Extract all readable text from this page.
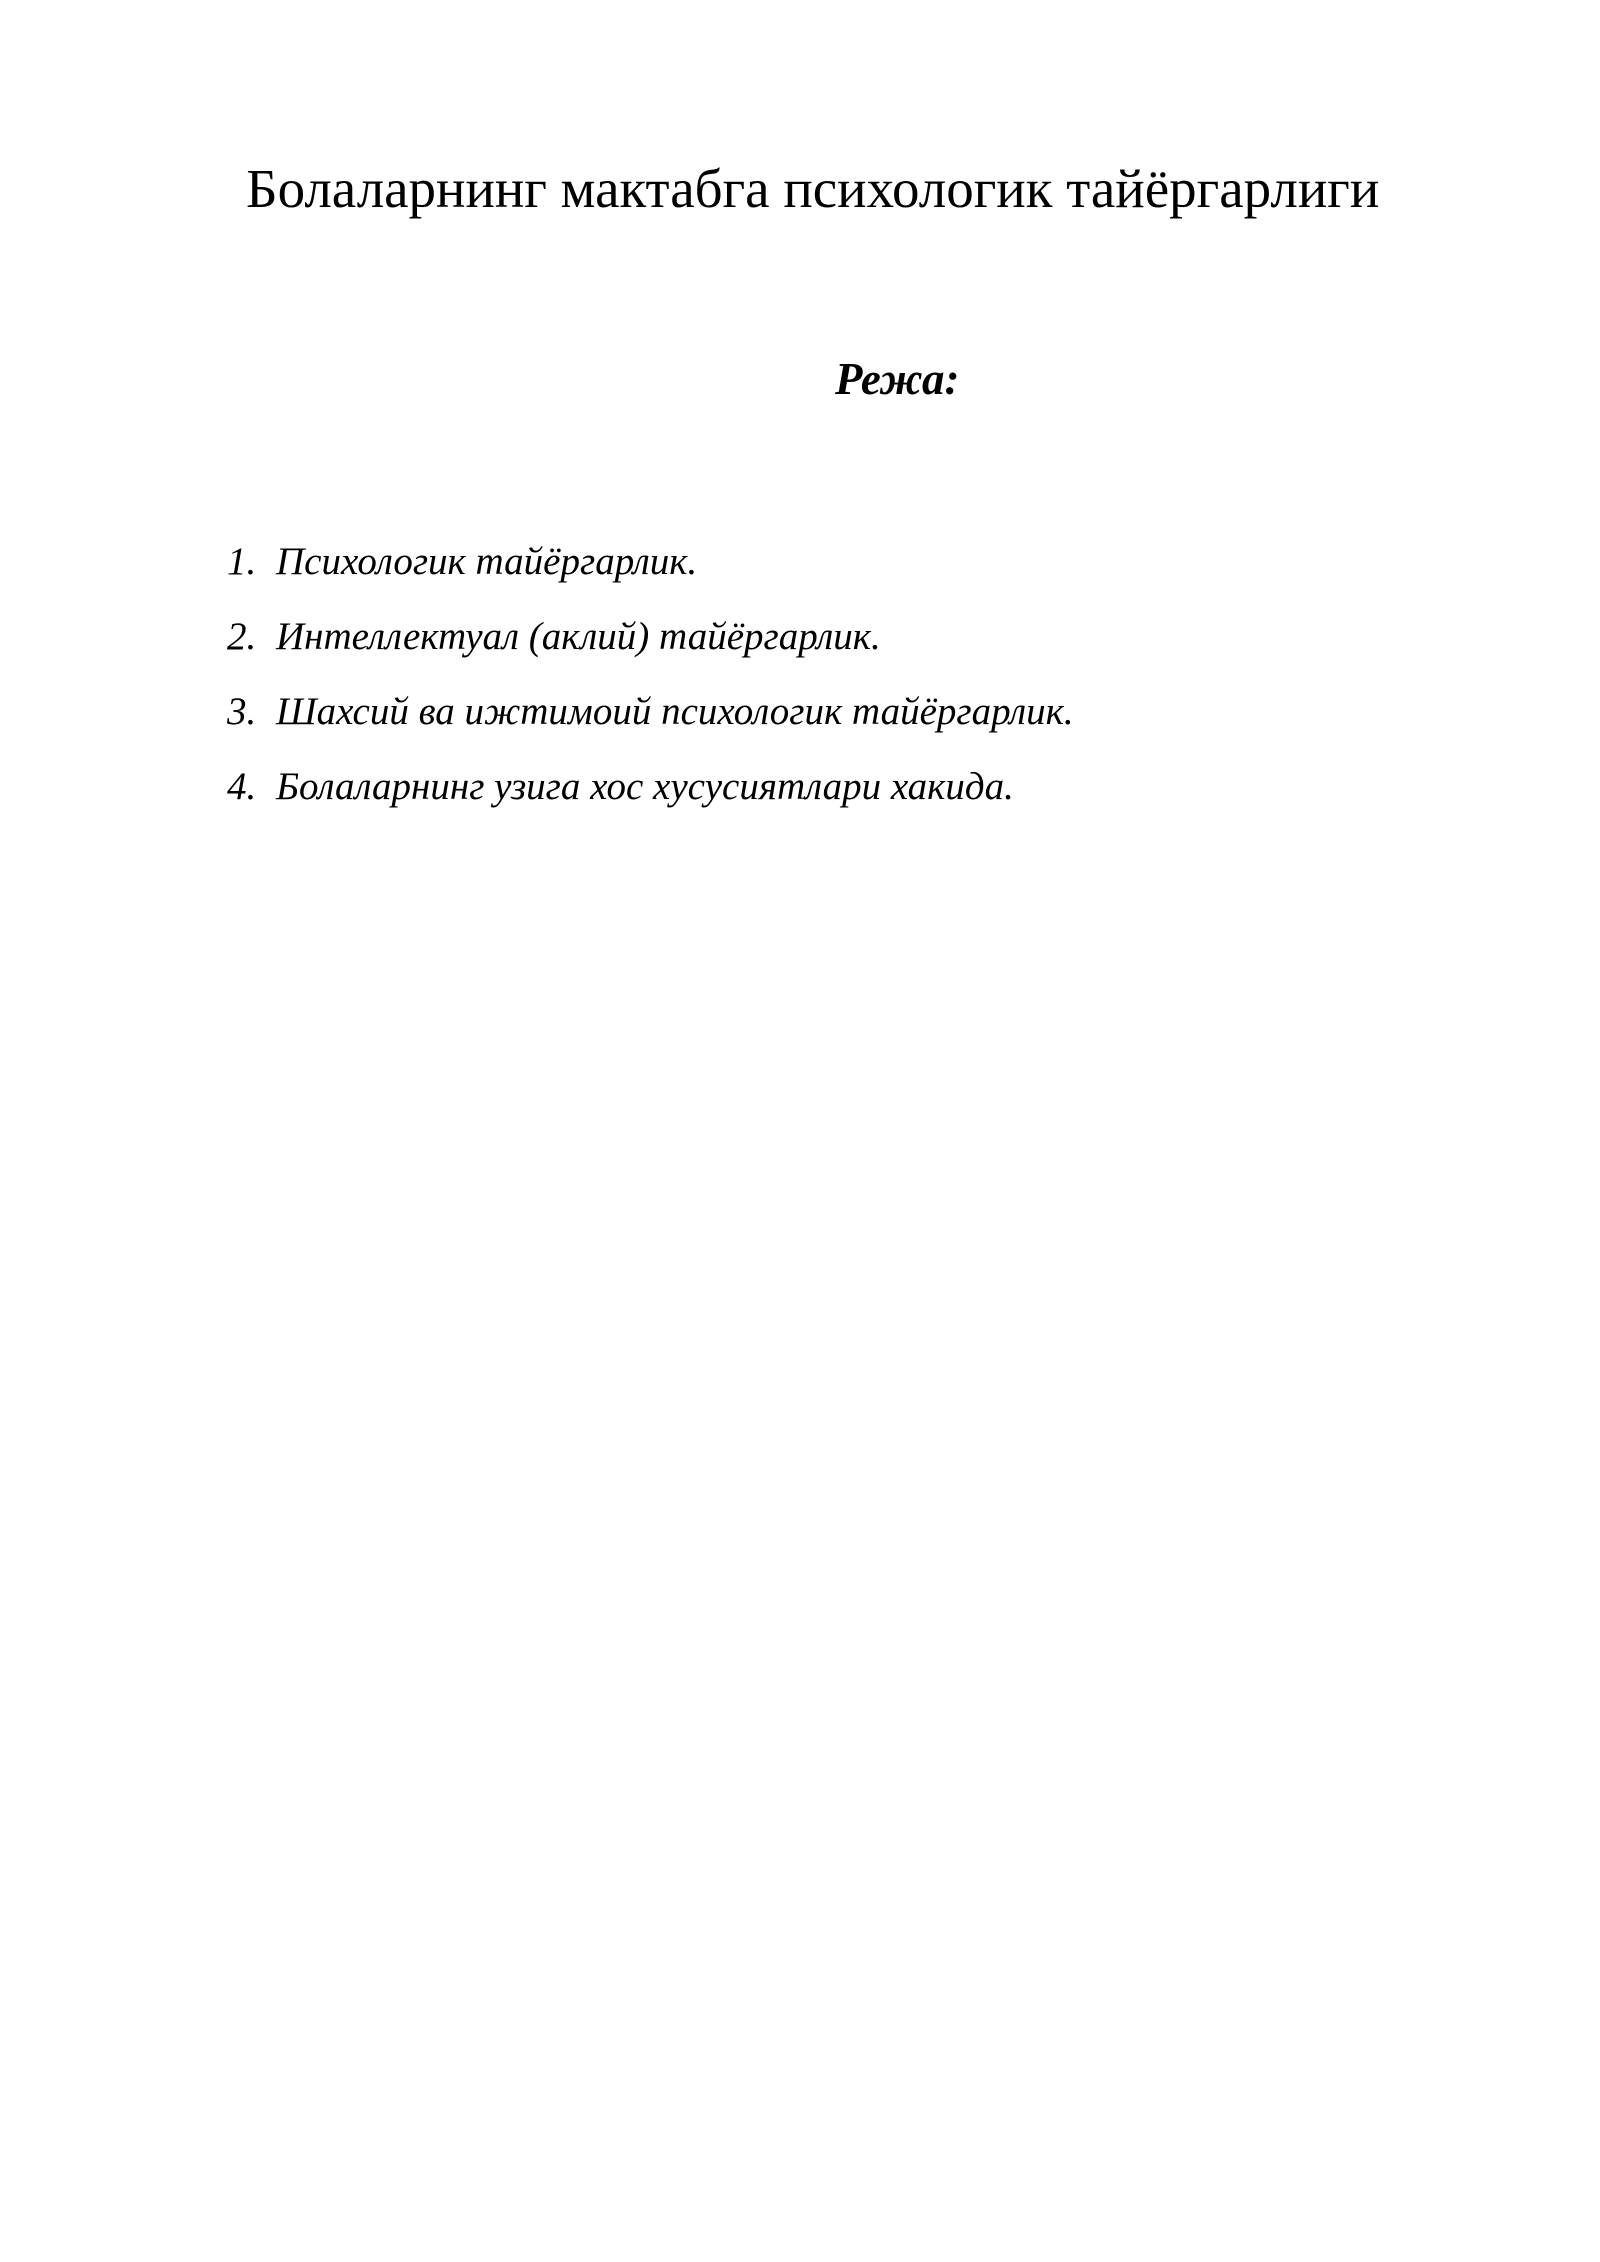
Болаларнинг мактабга психологик тайёргарлиги
Режа:
1. Психологик тайёргарлик.
2. Интеллектуал (аклий) тайёргарлик.
3. Шахсий ва ижтимоий психологик тайёргарлик.
4. Болаларнинг узига хос хусусиятлари хакида.
